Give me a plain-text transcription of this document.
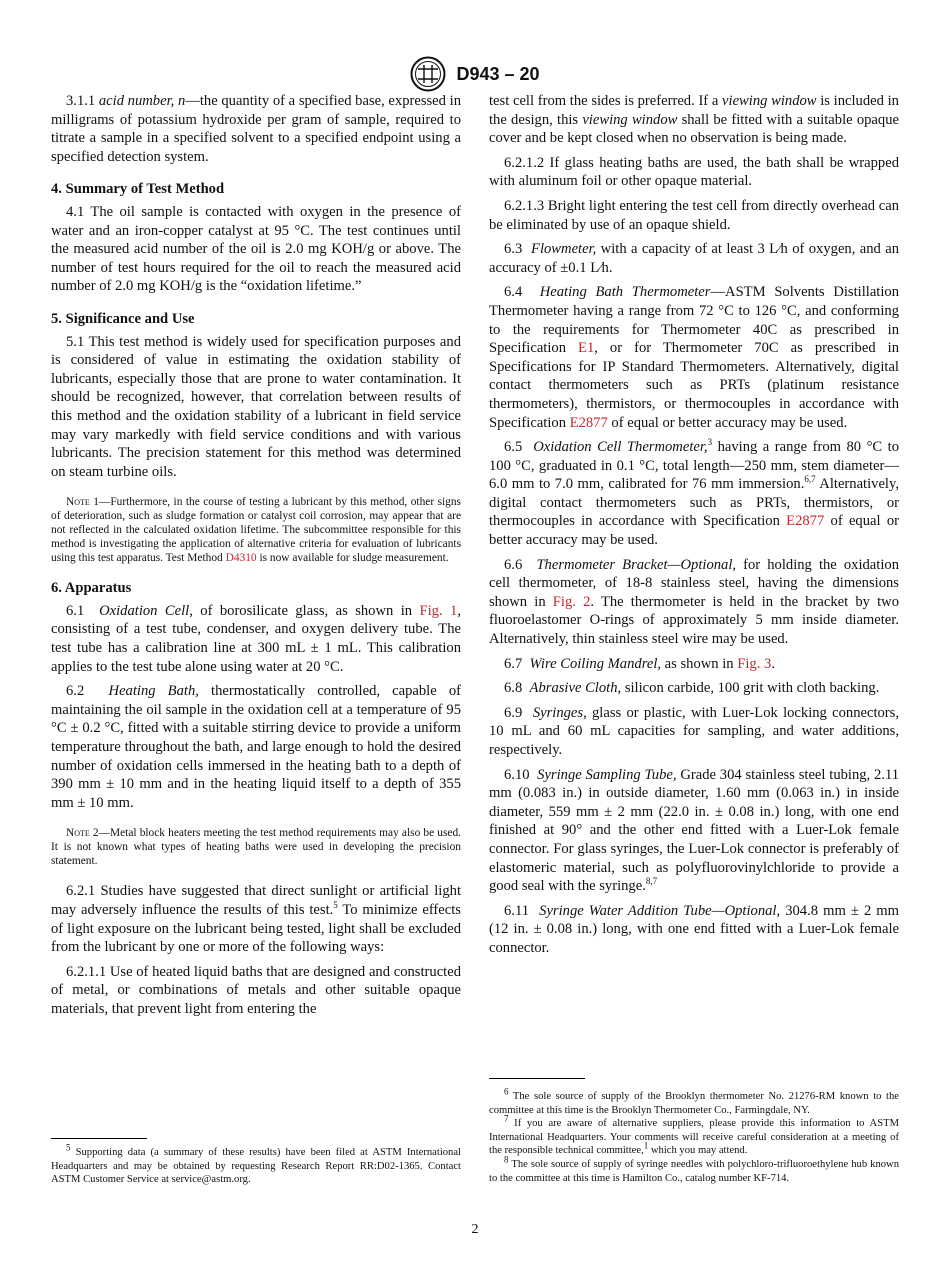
D943 – 20

3.1.1 acid number, n—the quantity of a specified base, expressed in milligrams of potassium hydroxide per gram of sample, required to titrate a sample in a specified solvent to a specified endpoint using a specified detection system.

4. Summary of Test Method

4.1 The oil sample is contacted with oxygen in the presence of water and an iron-copper catalyst at 95 °C. The test continues until the measured acid number of the oil is 2.0 mg KOH/g or above. The number of test hours required for the oil to reach the measured acid number of 2.0 mg KOH/g is the “oxidation lifetime.”

5. Significance and Use

5.1 This test method is widely used for specification purposes and is considered of value in estimating the oxidation stability of lubricants, especially those that are prone to water contamination. It should be recognized, however, that correlation between results of this method and the oxidation stability of a lubricant in field service may vary markedly with field service conditions and with various lubricants. The precision statement for this method was determined on steam turbine oils.

Note 1—Furthermore, in the course of testing a lubricant by this method, other signs of deterioration, such as sludge formation or catalyst coil corrosion, may appear that are not reflected in the calculated oxidation lifetime. The subcommittee responsible for this method is investigating the application of alternative criteria for evaluation of lubricants using this test apparatus. Test Method D4310 is now available for sludge measurement.
6. Apparatus

6.1 Oxidation Cell, of borosilicate glass, as shown in Fig. 1, consisting of a test tube, condenser, and oxygen delivery tube. The test tube has a calibration line at 300 mL ± 1 mL. This calibration applies to the test tube alone using water at 20 °C.

6.2 Heating Bath, thermostatically controlled, capable of maintaining the oil sample in the oxidation cell at a temperature of 95 °C ± 0.2 °C, fitted with a suitable stirring device to provide a uniform temperature throughout the bath, and large enough to hold the desired number of oxidation cells immersed in the heating bath to a depth of 390 mm ± 10 mm and in the heating liquid itself to a depth of 355 mm ± 10 mm.

Note 2—Metal block heaters meeting the test method requirements may also be used. It is not known what types of heating baths were used in developing the precision statement.

6.2.1 Studies have suggested that direct sunlight or artificial light may adversely influence the results of this test.$^5$ To minimize effects of light exposure on the lubricant being tested, light shall be excluded from the lubricant by one or more of the following ways:

6.2.1.1 Use of heated liquid baths that are designed and constructed of metal, or combinations of metals and other suitable opaque materials, that prevent light from entering the

$^5$ Supporting data (a summary of these results) have been filed at ASTM International Headquarters and may be obtained by requesting Research Report RR:D02-1365. Contact ASTM Customer Service at service@astm.org.

test cell from the sides is preferred. If a viewing window is included in the design, this viewing window shall be fitted with a suitable opaque cover and be kept closed when no observation is being made.

6.2.1.2 If glass heating baths are used, the bath shall be wrapped with aluminum foil or other opaque material.

6.2.1.3 Bright light entering the test cell from directly overhead can be eliminated by use of an opaque shield.

6.3 Flowmeter, with a capacity of at least 3 L⁄h of oxygen, and an accuracy of ±0.1 L⁄h.

6.4 Heating Bath Thermometer—ASTM Solvents Distillation Thermometer having a range from 72 °C to 126 °C, and conforming to the requirements for Thermometer 40C as prescribed in Specification E1, or for Thermometer 70C as prescribed in Specifications for IP Standard Thermometers. Alternatively, digital contact thermometers such as PRTs (platinum resistance thermometers), thermistors, or thermocouples in accordance with Specification E2877 of equal or better accuracy may be used.

6.5 Oxidation Cell Thermometer,$^3$ having a range from 80 °C to 100 °C, graduated in 0.1 °C, total length—250 mm, stem diameter—6.0 mm to 7.0 mm, calibrated for 76 mm immersion.$^{6,7}$ Alternatively, digital contact thermometers such as PRTs, thermistors, or thermocouples in accordance with Specification E2877 of equal or better accuracy may be used.

6.6 Thermometer Bracket—Optional, for holding the oxidation cell thermometer, of 18-8 stainless steel, having the dimensions shown in Fig. 2. The thermometer is held in the bracket by two fluoroelastomer O-rings of approximately 5 mm inside diameter. Alternatively, thin stainless steel wire may be used.

6.7 Wire Coiling Mandrel, as shown in Fig. 3.

6.8 Abrasive Cloth, silicon carbide, 100 grit with cloth backing.

6.9 Syringes, glass or plastic, with Luer-Lok locking connectors, 10 mL and 60 mL capacities for sampling, and water additions, respectively.

6.10 Syringe Sampling Tube, Grade 304 stainless steel tubing, 2.11 mm (0.083 in.) in outside diameter, 1.60 mm (0.063 in.) in inside diameter, 559 mm ± 2 mm (22.0 in. ± 0.08 in.) long, with one end finished at 90° and the other end fitted with a Luer-Lok female connector. For glass syringes, the Luer-Lok connector is preferably of elastomeric material, such as polyfluorovinylchloride to provide a good seal with the syringe.$^{8,7}$

6.11 Syringe Water Addition Tube—Optional, 304.8 mm ± 2 mm (12 in. ± 0.08 in.) long, with one end fitted with a Luer-Lok female connector.

$^6$ The sole source of supply of the Brooklyn thermometer No. 21276-RM known to the committee at this time is the Brooklyn Thermometer Co., Farmingdale, NY.

$^7$ If you are aware of alternative suppliers, please provide this information to ASTM International Headquarters. Your comments will receive careful consideration at a meeting of the responsible technical committee,$^1$ which you may attend.

$^8$ The sole source of supply of syringe needles with polychloro-trifluoroethylene hub known to the committee at this time is Hamilton Co., catalog number KF-714.

2
